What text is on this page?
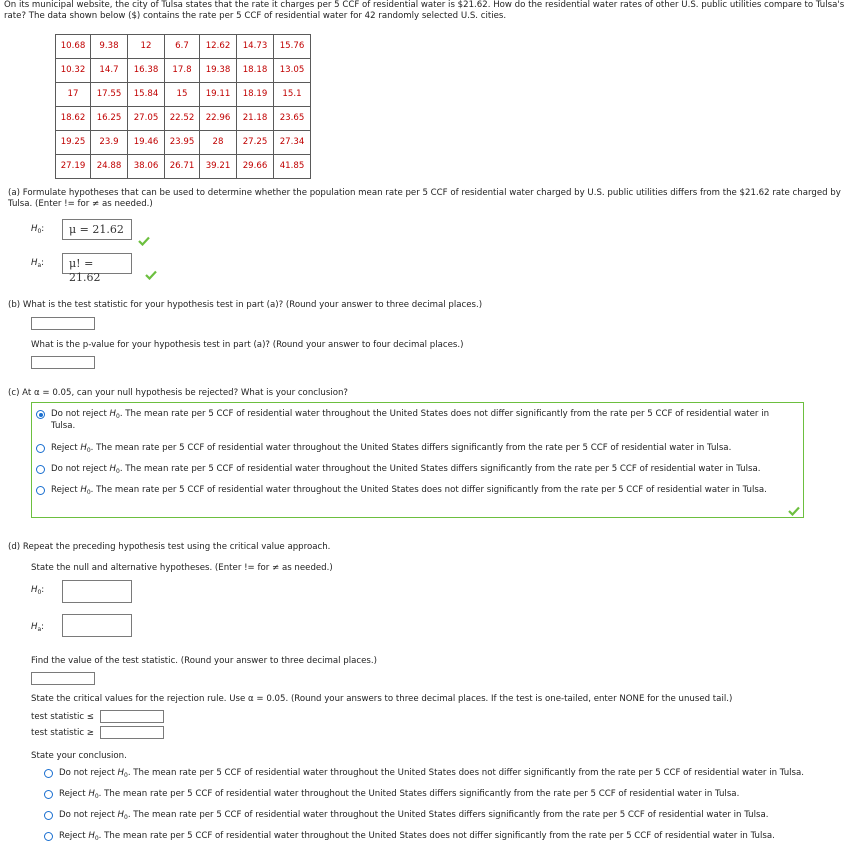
On its municipal website, the city of Tulsa states that the rate it charges per 5 CCF of residential water is $21.62. How do the residential water rates of other U.S. public utilities compare to Tulsa's rate? The data shown below ($) contains the rate per 5 CCF of residential water for 42 randomly selected U.S. cities.
10.68	9.38	12	6.7	12.62	14.73	15.76
10.32	14.7	16.38	17.8	19.38	18.18	13.05
17	17.55	15.84	15	19.11	18.19	15.1
18.62	16.25	27.05	22.52	22.96	21.18	23.65
19.25	23.9	19.46	23.95	28	27.25	27.34
27.19	24.88	38.06	26.71	39.21	29.66	41.85
(a) Formulate hypotheses that can be used to determine whether the population mean rate per 5 CCF of residential water charged by U.S. public utilities differs from the $21.62 rate charged by Tulsa. (Enter != for ≠ as needed.)
$H_0$:	μ = 21.62
$H_a$:	μ! = 21.62
(b) What is the test statistic for your hypothesis test in part (a)? (Round your answer to three decimal places.)
What is the p-value for your hypothesis test in part (a)? (Round your answer to four decimal places.)
(c) At α = 0.05, can your null hypothesis be rejected? What is your conclusion?
Do not reject $H_0$. The mean rate per 5 CCF of residential water throughout the United States does not differ significantly from the rate per 5 CCF of residential water in Tulsa.
Reject $H_0$. The mean rate per 5 CCF of residential water throughout the United States differs significantly from the rate per 5 CCF of residential water in Tulsa.
Do not reject $H_0$. The mean rate per 5 CCF of residential water throughout the United States differs significantly from the rate per 5 CCF of residential water in Tulsa.
Reject $H_0$. The mean rate per 5 CCF of residential water throughout the United States does not differ significantly from the rate per 5 CCF of residential water in Tulsa.
(d) Repeat the preceding hypothesis test using the critical value approach.
State the null and alternative hypotheses. (Enter != for ≠ as needed.)
$H_0$:
$H_a$:
Find the value of the test statistic. (Round your answer to three decimal places.)
State the critical values for the rejection rule. Use α = 0.05. (Round your answers to three decimal places. If the test is one-tailed, enter NONE for the unused tail.)
test statistic ≤
test statistic ≥
State your conclusion.
Do not reject $H_0$. The mean rate per 5 CCF of residential water throughout the United States does not differ significantly from the rate per 5 CCF of residential water in Tulsa.
Reject $H_0$. The mean rate per 5 CCF of residential water throughout the United States differs significantly from the rate per 5 CCF of residential water in Tulsa.
Do not reject $H_0$. The mean rate per 5 CCF of residential water throughout the United States differs significantly from the rate per 5 CCF of residential water in Tulsa.
Reject $H_0$. The mean rate per 5 CCF of residential water throughout the United States does not differ significantly from the rate per 5 CCF of residential water in Tulsa.
